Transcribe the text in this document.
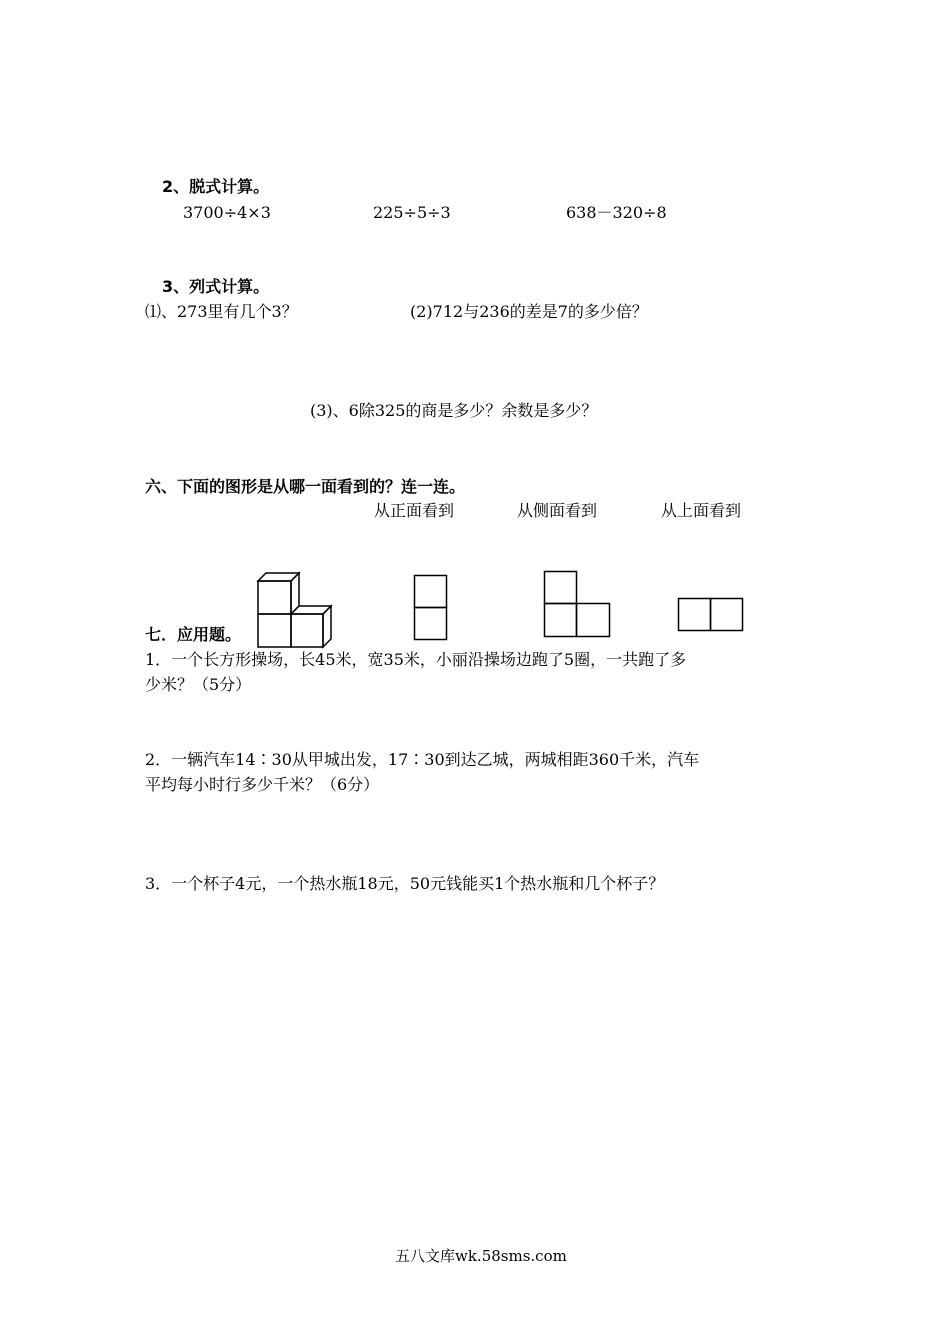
2、脱式计算。
3700÷4×3	225÷5÷3	638－320÷8
3、列式计算。
⑴、273里有几个3？	(2)712与236的差是7的多少倍？
(3)、6除325的商是多少？余数是多少？
六、下面的图形是从哪一面看到的？连一连。
从正面看到	从侧面看到	从上面看到
七．应用题。
1．一个长方形操场，长45米，宽35米，小丽沿操场边跑了5圈，一共跑了多
少米？（5分）
2．一辆汽车14∶30从甲城出发，17∶30到达乙城，两城相距360千米，汽车
平均每小时行多少千米？（6分）
3．一个杯子4元，一个热水瓶18元，50元钱能买1个热水瓶和几个杯子？
五八文库wk.58sms.com
